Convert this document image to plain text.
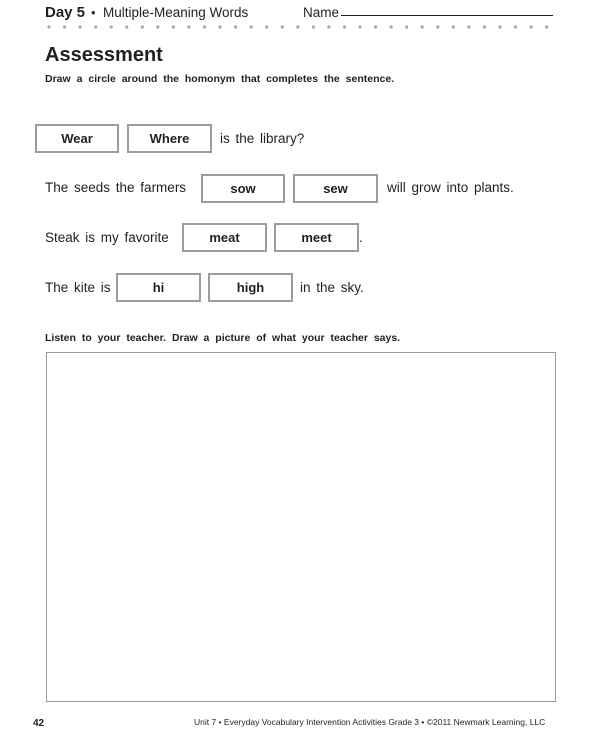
Day 5 • Multiple-Meaning Words	Name
Assessment
Draw a circle around the homonym that completes the sentence.
Wear	Where	is the library?
The seeds the farmers	sow	sew	will grow into plants.
Steak is my favorite	meat	meet	.
The kite is	hi	high	in the sky.
Listen to your teacher. Draw a picture of what your teacher says.
42	Unit 7 • Everyday Vocabulary Intervention Activities Grade 3 • ©2011 Newmark Learning, LLC
